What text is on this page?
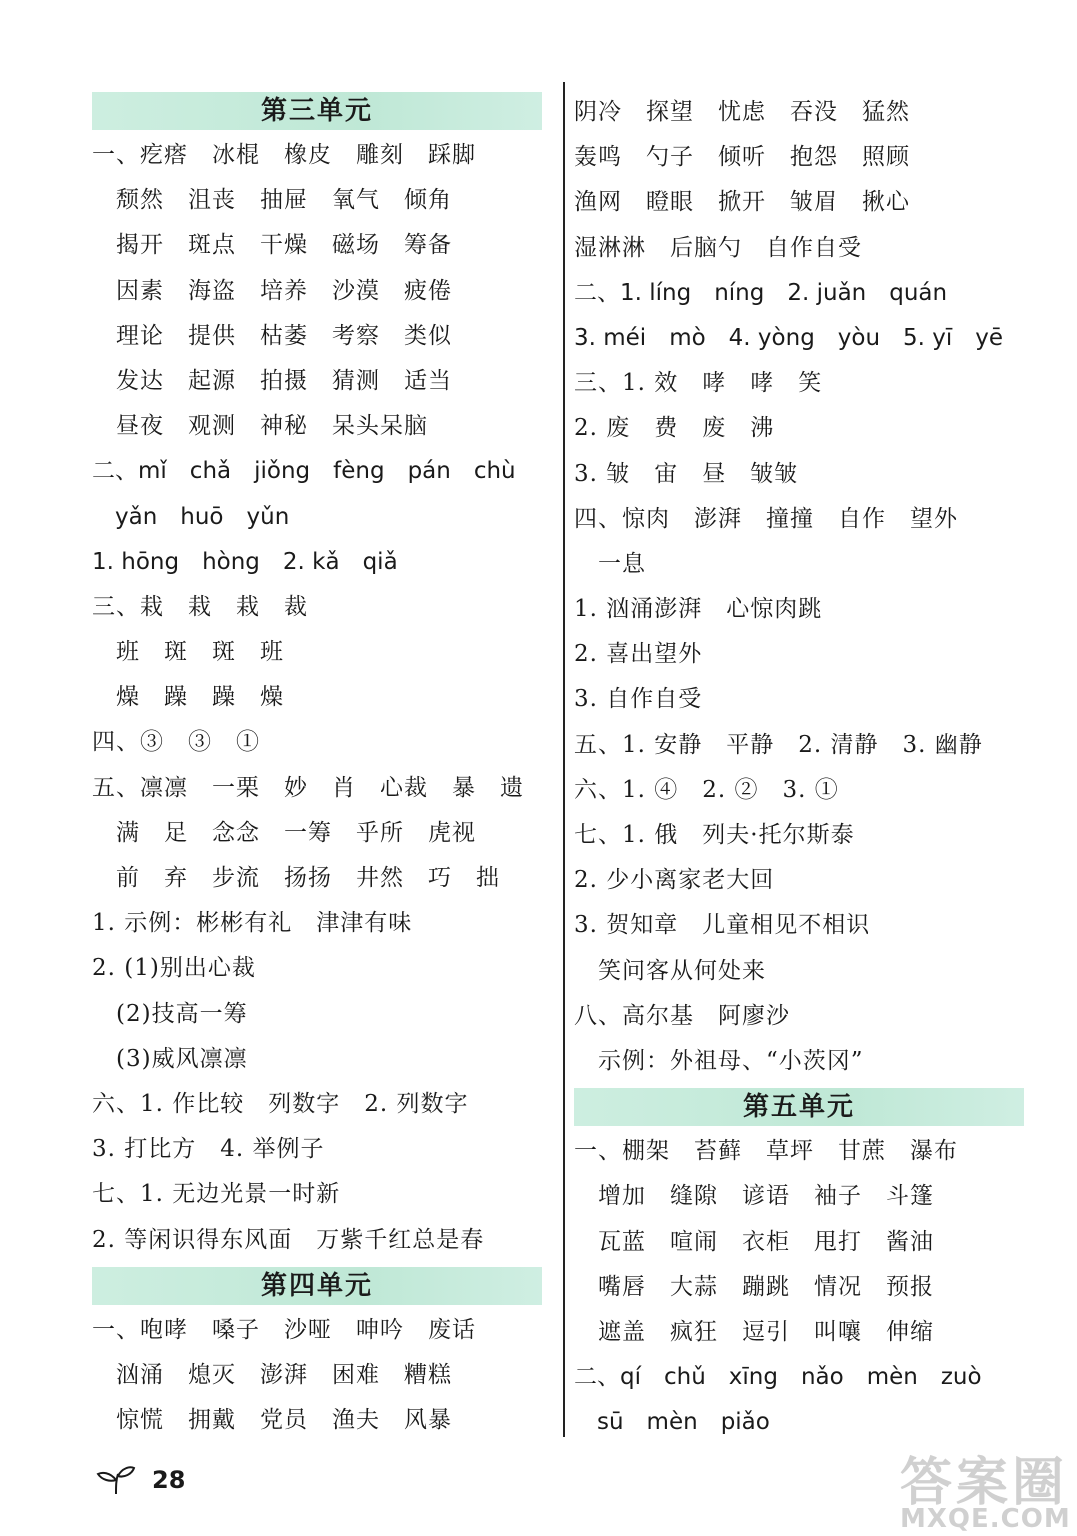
第三单元
一、疙瘩　冰棍　橡皮　雕刻　踩脚
　颓然　沮丧　抽屉　氧气　倾角
　揭开　斑点　干燥　磁场　筹备
　因素　海盗　培养　沙漠　疲倦
　理论　提供　枯萎　考察　类似
　发达　起源　拍摄　猜测　适当
　昼夜　观测　神秘　呆头呆脑
二、mǐ　chǎ　jiǒng　fèng　pán　chù
　yǎn　huō　yǔn
1. hōng　hòng　2. kǎ　qiǎ
三、栽　栽　栽　裁
　班　斑　斑　班
　燥　躁　躁　燥
四、③　③　①
五、凛凛　一栗　妙　肖　心裁　暴　遗
　满　足　念念　一筹　乎所　虎视
　前　弃　步流　扬扬　井然　巧　拙
1. 示例：彬彬有礼　津津有味
2. (1)别出心裁
　(2)技高一筹
　(3)威风凛凛
六、1. 作比较　列数字　2. 列数字
3. 打比方　4. 举例子
七、1. 无边光景一时新
2. 等闲识得东风面　万紫千红总是春
第四单元
一、咆哮　嗓子　沙哑　呻吟　废话
　汹涌　熄灭　澎湃　困难　糟糕
　惊慌　拥戴　党员　渔夫　风暴
阴冷　探望　忧虑　吞没　猛然
轰鸣　勺子　倾听　抱怨　照顾
渔网　瞪眼　掀开　皱眉　揪心
湿淋淋　后脑勺　自作自受
二、1. líng　níng　2. juǎn　quán
3. méi　mò　4. yòng　yòu　5. yī　yē
三、1. 效　哮　哮　笑
2. 废　费　废　沸
3. 皱　宙　昼　皱皱
四、惊肉　澎湃　撞撞　自作　望外
　一息
1. 汹涌澎湃　心惊肉跳
2. 喜出望外
3. 自作自受
五、1. 安静　平静　2. 清静　3. 幽静
六、1. ④　2. ②　3. ①
七、1. 俄　列夫·托尔斯泰
2. 少小离家老大回
3. 贺知章　儿童相见不相识
　笑问客从何处来
八、高尔基　阿廖沙
　示例：外祖母、“小茨冈”
第五单元
一、棚架　苔藓　草坪　甘蔗　瀑布
　增加　缝隙　谚语　袖子　斗篷
　瓦蓝　喧闹　衣柜　甩打　酱油
　嘴唇　大蒜　蹦跳　情况　预报
　遮盖　疯狂　逗引　叫嚷　伸缩
二、qí　chǔ　xīng　nǎo　mèn　zuò
　sū　mèn　piǎo
28	答案圈
MXQE.COM
